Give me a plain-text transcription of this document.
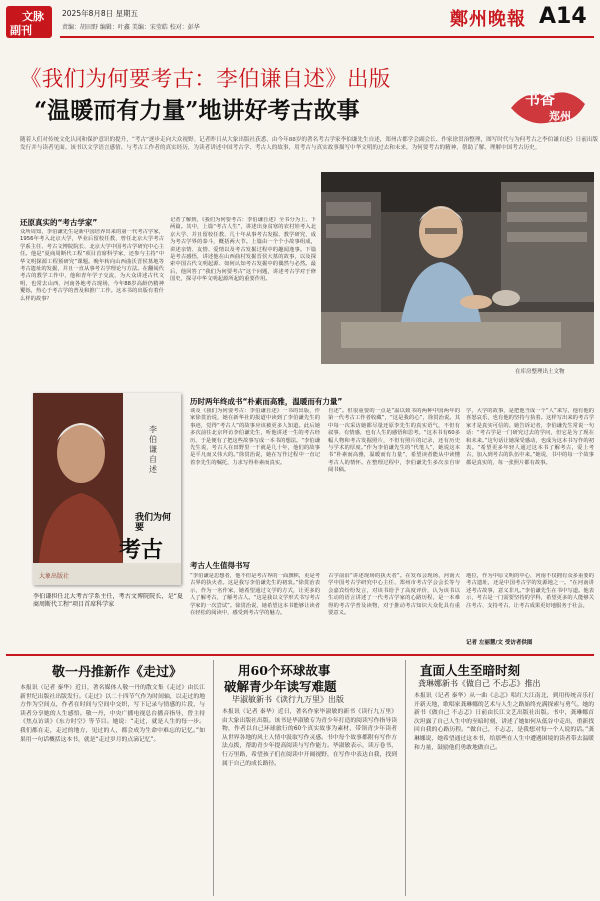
文脉
副刊
2025年8月8日 星期五
责编：胡田野 编辑：叶鑫 美编：宋莹皓 校对：彭华	鄭州晚報 A14
《我们为何要考古：李伯谦自述》出版
“温暖而有力量”地讲好考古故事	书香
郑州
随着人们对传统文化认同和保护意识的提升，“考古”逐步走向大众视野。记者昨日从大象出版社获悉，由今年88岁的著名考古学家李伯谦先生自述，郑州古都学会副会长、作家徐贯治整理，图写时代与为何考古之李伯谦自述》日前出版发行并与读者见面。该书以文学语言感情、与考古工作者的真实经历，为读者讲述中国考古学、考古人的故事，用考古与真实故事描写中华文明的过去和未来，为何要考古的精神，帮助了解、理解中国考古历史。
还原真实的“考古学家”
众所周知，李伯谦先生是新中国培养出来的第一代考古学家，1956年考入北京大学，毕业后留校任教，曾任北京大学考古学系主任、考古文博院院长、北京大学中国考古学研究中心主任。他是“夏商周断代工程”项目首席科学家，还参与主持“中华文明探源工程预研究”课题。晚年转向山西曲沃晋侯墓地等考古遗址的发掘，并且一直从事考古学理论与方法。在翻阅代考古的教学工作中，他和青年学子交流，为大众讲述古代文明，也常去山西、河南各地考古现场，今年88岁高龄仍精神矍铄，热心于考古学的普及和推广工作。这本书的出版有着什么样的故事？
记者了解到，《我们为何要考古：李伯谦自述》全书分为上、下两篇。其中，上篇“考古人生”，讲述出身贫寒的农村娃考入北京大学、并且留校任教、几十年从事考古发掘、教学研究、成为考古学界的泰斗，概括两大节。上篇由一个个小故事组成，讲述亲情、友情、爱情以及考古发掘过程中的趣闻逸事。下篇是考古感悟，讲述他在山西曲村发掘晋侯大墓的故事，以及探索中国古代文明起源、如何认知考古发掘中的偶然与必然。最后，他回答了“我们为何要考古”这个问题，讲述考古学对于修国史，探寻中华文明起源所起的重要作用。
在库房整理出土文物
李伯谦自述
我们为何要
考古
大象出版社
李伯谦担任北大考古学系主任，考古文博院院长，是“夏商周断代工程”项目首席科学家
历时两年终成书“朴素而高雅，温暖而有力量”
谈及《我们为何要考古：李伯谦自述》一书的出版，作家徐贯治说，她在新华社的报道中读到了李伯谦先生的事迹，觉得“考古人”的故事应该被更多人知道。此后她多次前往北京拜访李伯谦先生，听他讲述一生的考古经历，于是便有了把这些故事写成一本书的想法。“李伯谦先生说，考古人在田野里一干就是几十年，他们的故事是平凡而又伟大的。”徐贯治说，她在写作过程中一直记着李先生的嘱托，力求写得朴素而真实。
自述”。但很重要的一点是“温以致书的两种中国两年的第一代考古工作者收藏”，“这是我的心”，徐贯治说。其中每一次采访她都尽量还原李先生的真实语气，不但有叙事、有情感，也有人生的感悟和思考。“这本书有60多幅人物和考古发掘照片，不但有照片的记录，还有历史与学术的厚度。”作为李伯谦先生的“代笔人”，她说这本书“朴素而高雅，温暖而有力量”，希望读者能从中读懂考古人的情怀。在整理过程中，李伯谦先生多次亲自审阅书稿。
学，大学的故事，是把他当成一个“人”来写，他有他的喜怒哀乐，也有他的坚持与执着。这样写出来的考古学家才是真实可信的。她告诉记者，李伯谦先生常说一句话：“考古学是一门研究过去的学问，但它是为了现在和未来。”这句话让她深受感动，也成为这本书写作的初衷。“希望更多年轻人通过这本书了解考古，爱上考古，加入到考古的队伍中来。”她说，书中的每一个故事都是真实的，每一张照片都有故事。
考古人生值得书写
“李伯谦是思想者，他不但是考古界的一面旗帜，更是考古界的执火者。这是我写李伯谦先生的初衷。”徐贯治表示，作为一名作家，她希望通过文学的方式，让更多的人了解考古，了解考古人。“这是我以文学形式书写考古学家的一次尝试”。徐贯治说，她希望这本书能够让读者在轻松的阅读中，感受到考古学的魅力。
古学前沿“讲述现场的执火者”。在发布会现场，河南大学中国考古学研究中心主任、郑州市考古学会会长等与会嘉宾纷纷发言，对该书给予了高度评价，认为该书以生动的语言讲述了一代考古学家的心路历程，是一本难得的考古学普及读物，对于推动考古知识大众化具有重要意义。
地位，作为中原文明的中心，河南不仅拥有众多重要的考古遗址，还是中国考古学的发源地之一。“在河南讲述考古故事，意义非凡。”李伯谦先生在书中写道。他表示，考古是一门需要坚持的学科，希望更多的人能够关注考古、支持考古，让考古成果更好地服务于社会。
记者 左丽慧/文 受访者供图
敬一丹推新作《走过》
本报讯（记者 秦华）近日，著名媒体人敬一丹的散文集《走过》由长江新世纪出版社出版发行。《走过》以二十四节气作为时间轴，以走过的地方作为空间点，作者在时间与空间中交织，写下记录与情感的片段，与读者分享她的人生感悟。敬一丹，中央广播电视总台播音指导，曾主持《焦点访谈》《东方时空》等节目。她说：“走过，就是人生的每一步。我们都在走，走过的地方，见过的人，都会成为生命中难忘的记忆。”如果用一句话概括这本书，就是“走过岁月的点滴记忆”。
用60个环球故事
破解青少年读写难题
毕淑敏新书《读行九万里》出版
本报讯（记者 秦华）近日，著名作家毕淑敏的新书《读行九万里》由大象出版社出版。该书是毕淑敏专为青少年打造的阅读写作指导读物，作者以自己环球旅行的60个真实故事为素材，带领青少年读者从世界各地的风土人情中汲取写作灵感。书中每个故事都附有写作方法点拨，帮助青少年提高阅读与写作能力。毕淑敏表示，读万卷书，行万里路，希望孩子们在阅读中开阔视野，在写作中表达自我，找到属于自己的成长路径。
直面人生至暗时刻
龚琳娜新书《做自己 不忐忑》推出
本报讯（记者 秦华）从一曲《忐忑》唱红大江南北，到用传统音乐打开新天地，歌唱家龚琳娜的艺术与人生之路始终充满探索与勇气。她的新书《做自己 不忐忑》日前由长江文艺出版社出版。书中，龚琳娜首次坦露了自己人生中的至暗时刻，讲述了她如何从低谷中走出，重新找回自我的心路历程。“做自己，不忐忑，是我想对每一个人说的话。”龚琳娜说，她希望通过这本书，给那些在人生中遭遇困境的读者带去温暖和力量，鼓励他们勇敢地做自己。
